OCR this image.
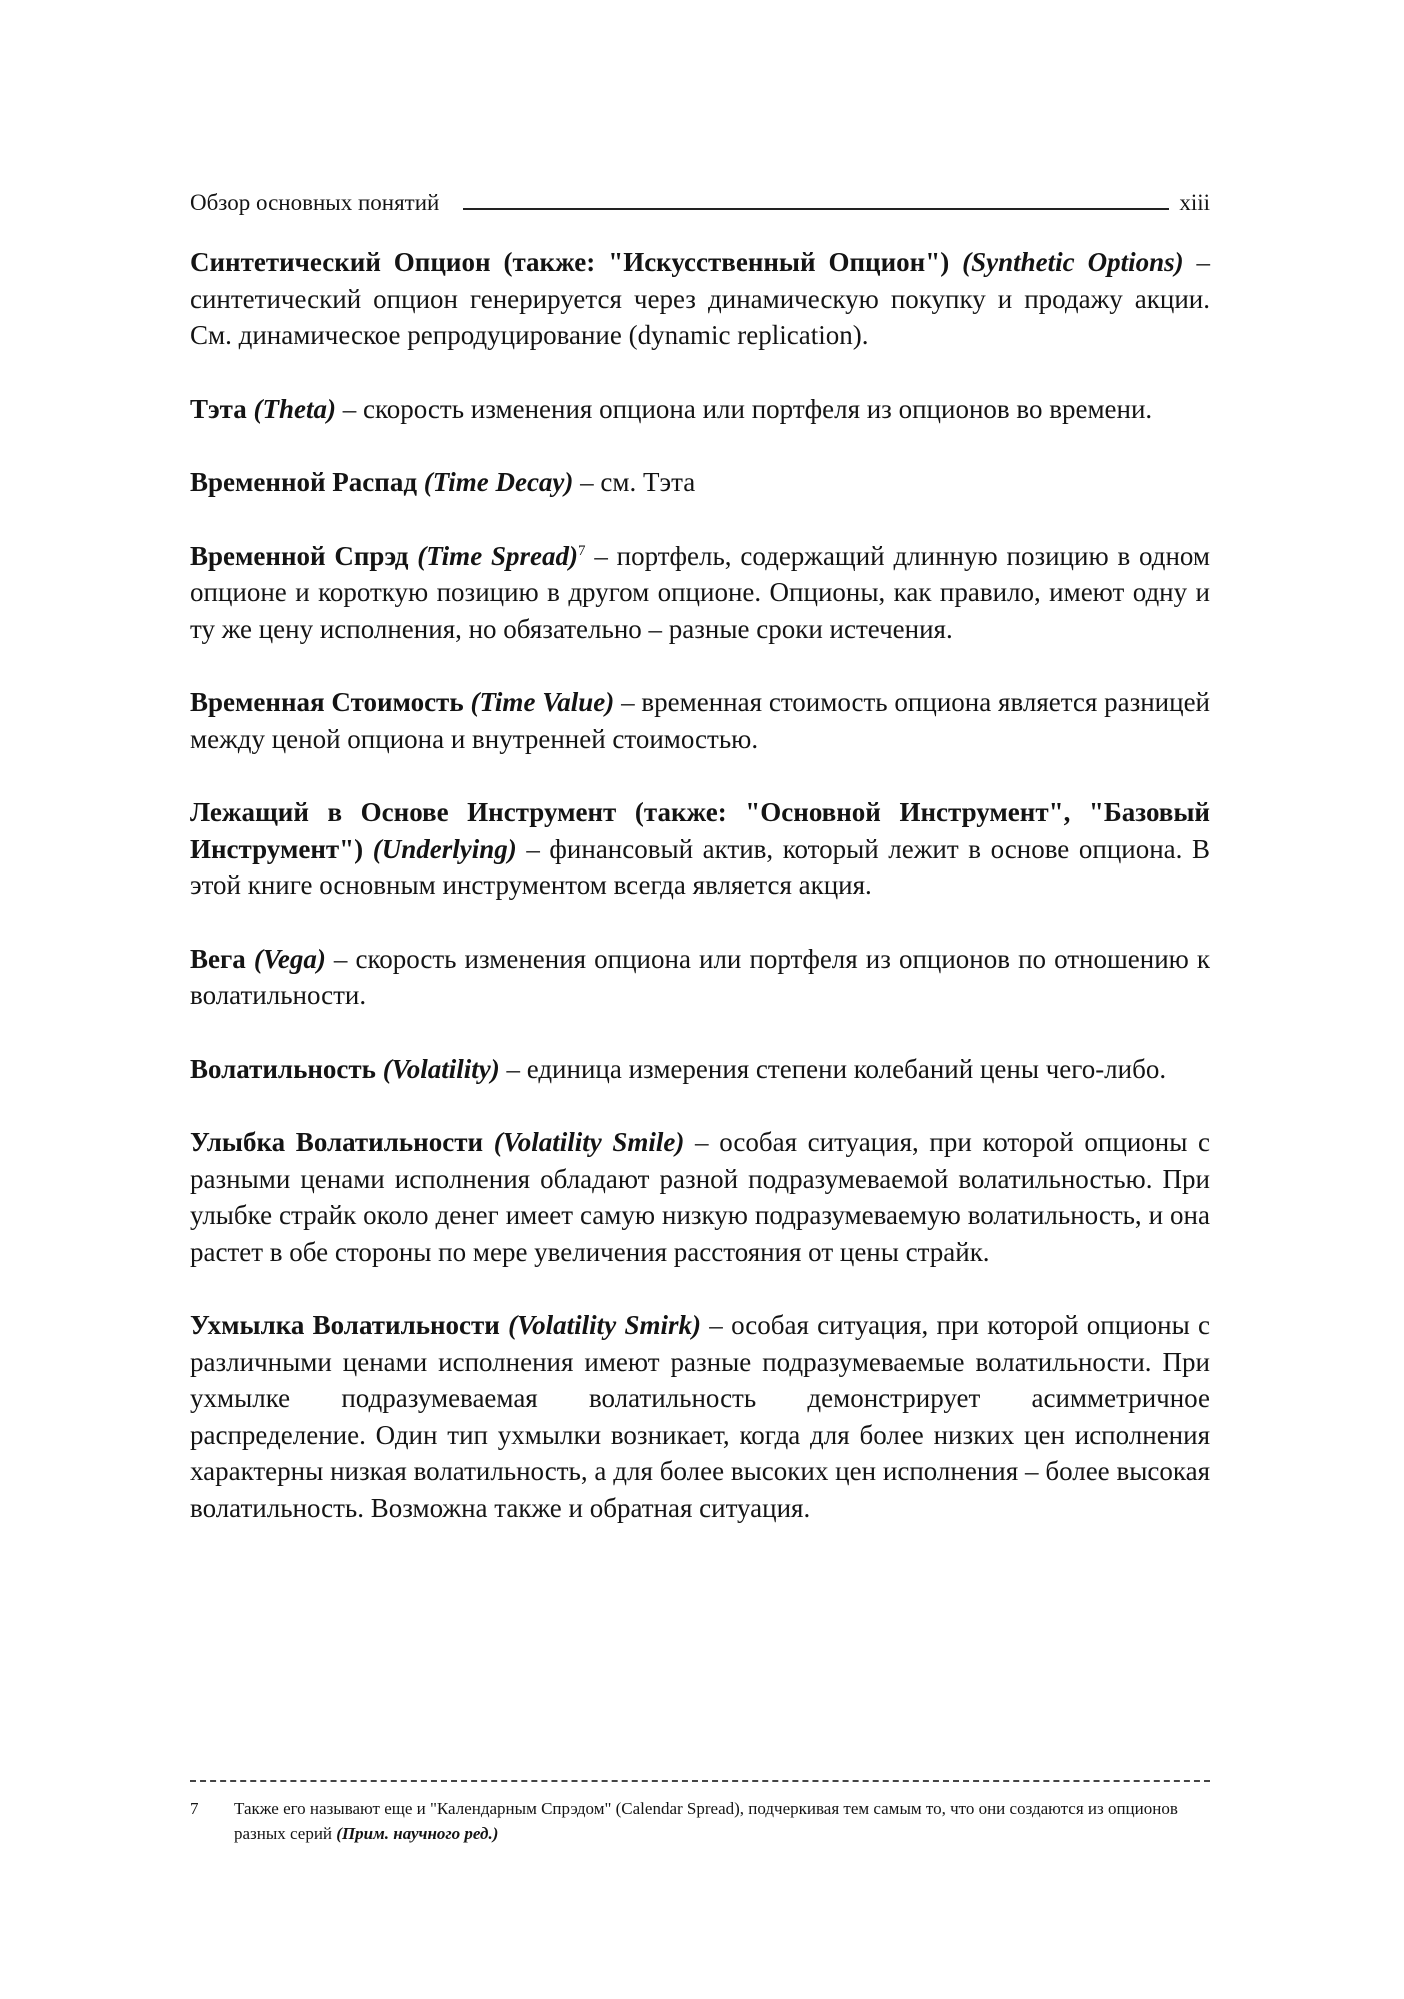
Обзор основных понятий	xiii

Синтетический Опцион (также: "Искусственный Опцион") (Synthetic Options) – синтетический опцион генерируется через динамическую покупку и продажу акции. См. динамическое репродуцирование (dynamic replication).

Тэта (Theta) – скорость изменения опциона или портфеля из опционов во времени.

Временной Распад (Time Decay) – см. Тэта

Временной Спрэд (Time Spread)$^7$ – портфель, содержащий длинную позицию в одном опционе и короткую позицию в другом опционе. Опционы, как правило, имеют одну и ту же цену исполнения, но обязательно – разные сроки истечения.

Временная Стоимость (Time Value) – временная стоимость опциона является разницей между ценой опциона и внутренней стоимостью.

Лежащий в Основе Инструмент (также: "Основной Инструмент", "Базовый Инструмент") (Underlying) – финансовый актив, который лежит в основе опциона. В этой книге основным инструментом всегда является акция.

Вега (Vega) – скорость изменения опциона или портфеля из опционов по отношению к волатильности.

Волатильность (Volatility) – единица измерения степени колебаний цены чего-либо.

Улыбка Волатильности (Volatility Smile) – особая ситуация, при которой опционы с разными ценами исполнения обладают разной подразумеваемой волатильностью. При улыбке страйк около денег имеет самую низкую подразумеваемую волатильность, и она растет в обе стороны по мере увеличения расстояния от цены страйк.

Ухмылка Волатильности (Volatility Smirk) – особая ситуация, при которой опционы с различными ценами исполнения имеют разные подразумеваемые волатильности. При ухмылке подразумеваемая волатильность демонстрирует асимметричное распределение. Один тип ухмылки возникает, когда для более низких цен исполнения характерны низкая волатильность, а для более высоких цен исполнения – более высокая волатильность. Возможна также и обратная ситуация.

7	Также его называют еще и "Календарным Спрэдом" (Calendar Spread), подчеркивая тем самым то, что они создаются из опционов разных серий (Прим. научного ред.)
